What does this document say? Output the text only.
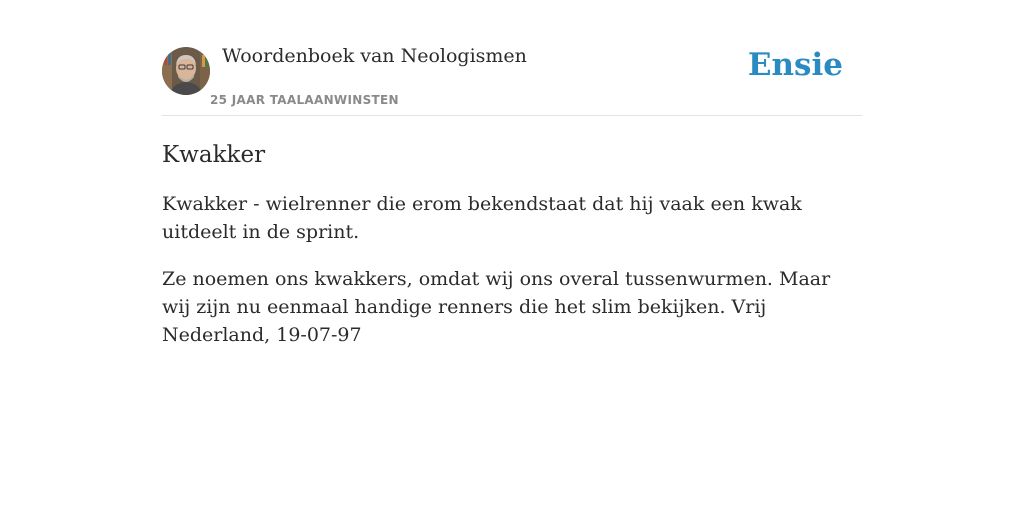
Woordenboek van Neologismen
25 JAAR TAALAANWINSTEN
Ensie
Kwakker

Kwakker - wielrenner die erom bekendstaat dat hij vaak een kwak uitdeelt in de sprint.

Ze noemen ons kwakkers, omdat wij ons overal tussenwurmen. Maar wij zijn nu eenmaal handige renners die het slim bekijken. Vrij Nederland, 19-07-97
